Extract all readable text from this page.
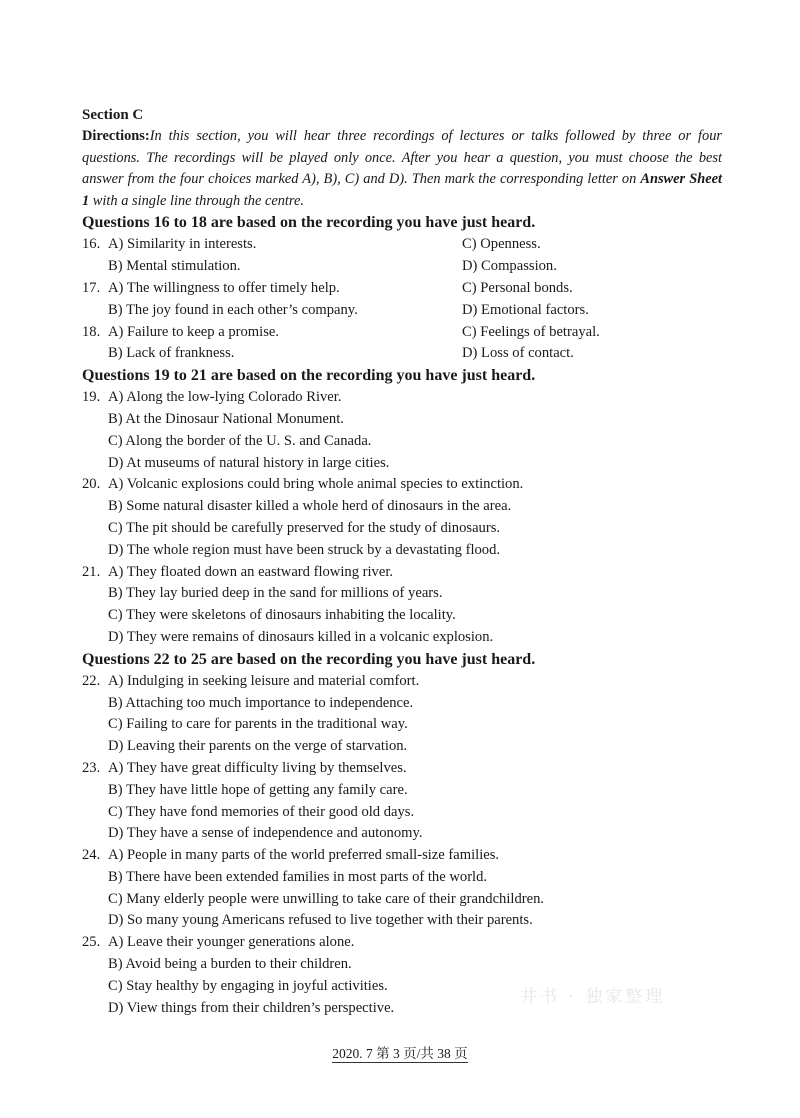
Section C
Directions:In this section, you will hear three recordings of lectures or talks followed by three or four questions. The recordings will be played only once. After you hear a question, you must choose the best answer from the four choices marked A), B), C) and D). Then mark the corresponding letter on Answer Sheet 1 with a single line through the centre.
Questions 16 to 18 are based on the recording you have just heard.
16. A) Similarity in interests.	C) Openness.
B) Mental stimulation.	D) Compassion.
17. A) The willingness to offer timely help.	C) Personal bonds.
B) The joy found in each other’s company.	D) Emotional factors.
18. A) Failure to keep a promise.	C) Feelings of betrayal.
B) Lack of frankness.	D) Loss of contact.
Questions 19 to 21 are based on the recording you have just heard.
19. A) Along the low-lying Colorado River.
B) At the Dinosaur National Monument.
C) Along the border of the U. S. and Canada.
D) At museums of natural history in large cities.
20. A) Volcanic explosions could bring whole animal species to extinction.
B) Some natural disaster killed a whole herd of dinosaurs in the area.
C) The pit should be carefully preserved for the study of dinosaurs.
D) The whole region must have been struck by a devastating flood.
21. A) They floated down an eastward flowing river.
B) They lay buried deep in the sand for millions of years.
C) They were skeletons of dinosaurs inhabiting the locality.
D) They were remains of dinosaurs killed in a volcanic explosion.
Questions 22 to 25 are based on the recording you have just heard.
22. A) Indulging in seeking leisure and material comfort.
B) Attaching too much importance to independence.
C) Failing to care for parents in the traditional way.
D) Leaving their parents on the verge of starvation.
23. A) They have great difficulty living by themselves.
B) They have little hope of getting any family care.
C) They have fond memories of their good old days.
D) They have a sense of independence and autonomy.
24. A) People in many parts of the world preferred small-size families.
B) There have been extended families in most parts of the world.
C) Many elderly people were unwilling to take care of their grandchildren.
D) So many young Americans refused to live together with their parents.
25. A) Leave their younger generations alone.
B) Avoid being a burden to their children.
C) Stay healthy by engaging in joyful activities.
D) View things from their children’s perspective.
井书 · 独家整理
2020. 7 第 3 页/共 38 页
